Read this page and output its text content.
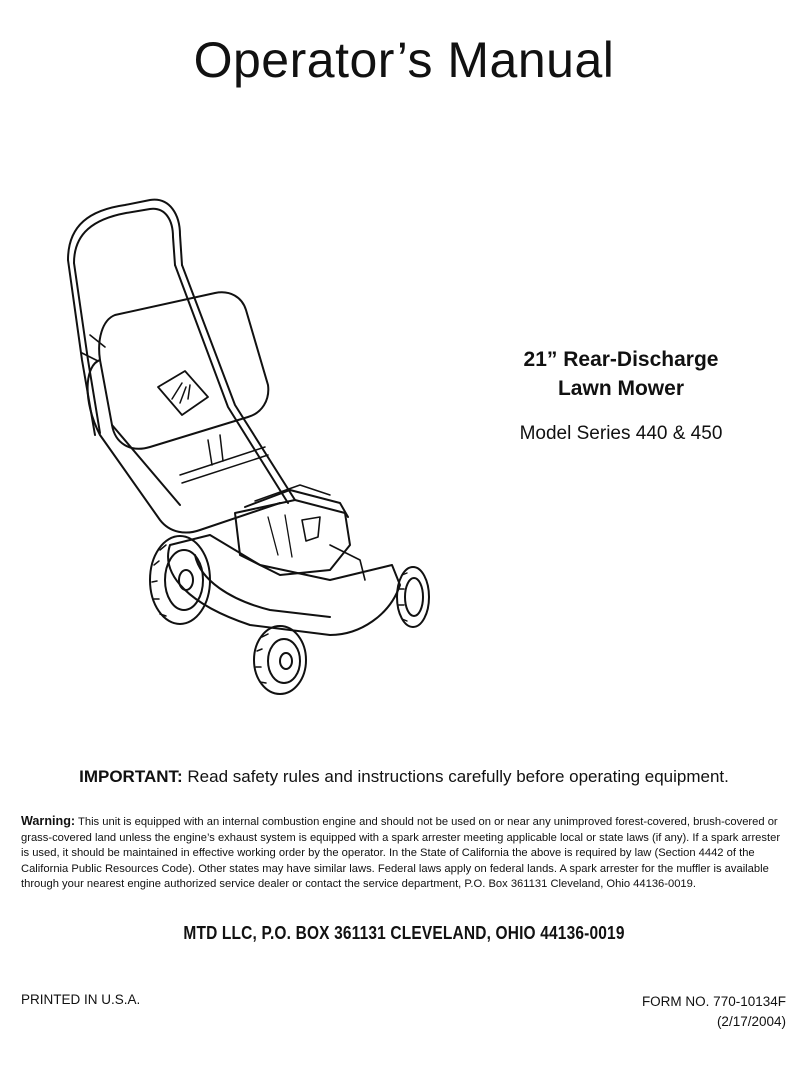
Operator’s Manual

21” Rear-Discharge

Lawn Mower

Model Series 440 & 450

IMPORTANT: Read safety rules and instructions carefully before operating equipment.
Warning: This unit is equipped with an internal combustion engine and should not be used on or near any unimproved forest-covered, brush-covered or grass-covered land unless the engine’s exhaust system is equipped with a spark arrester meeting applicable local or state laws (if any). If a spark arrester is used, it should be maintained in effective working order by the operator. In the State of California the above is required by law (Section 4442 of the California Public Resources Code). Other states may have similar laws. Federal laws apply on federal lands. A spark arrester for the muffler is available through your nearest engine authorized service dealer or contact the service department, P.O. Box 361131 Cleveland, Ohio 44136-0019.
MTD LLC, P.O. BOX 361131 CLEVELAND, OHIO 44136-0019
PRINTED IN U.S.A.	FORM NO. 770-10134F
(2/17/2004)
